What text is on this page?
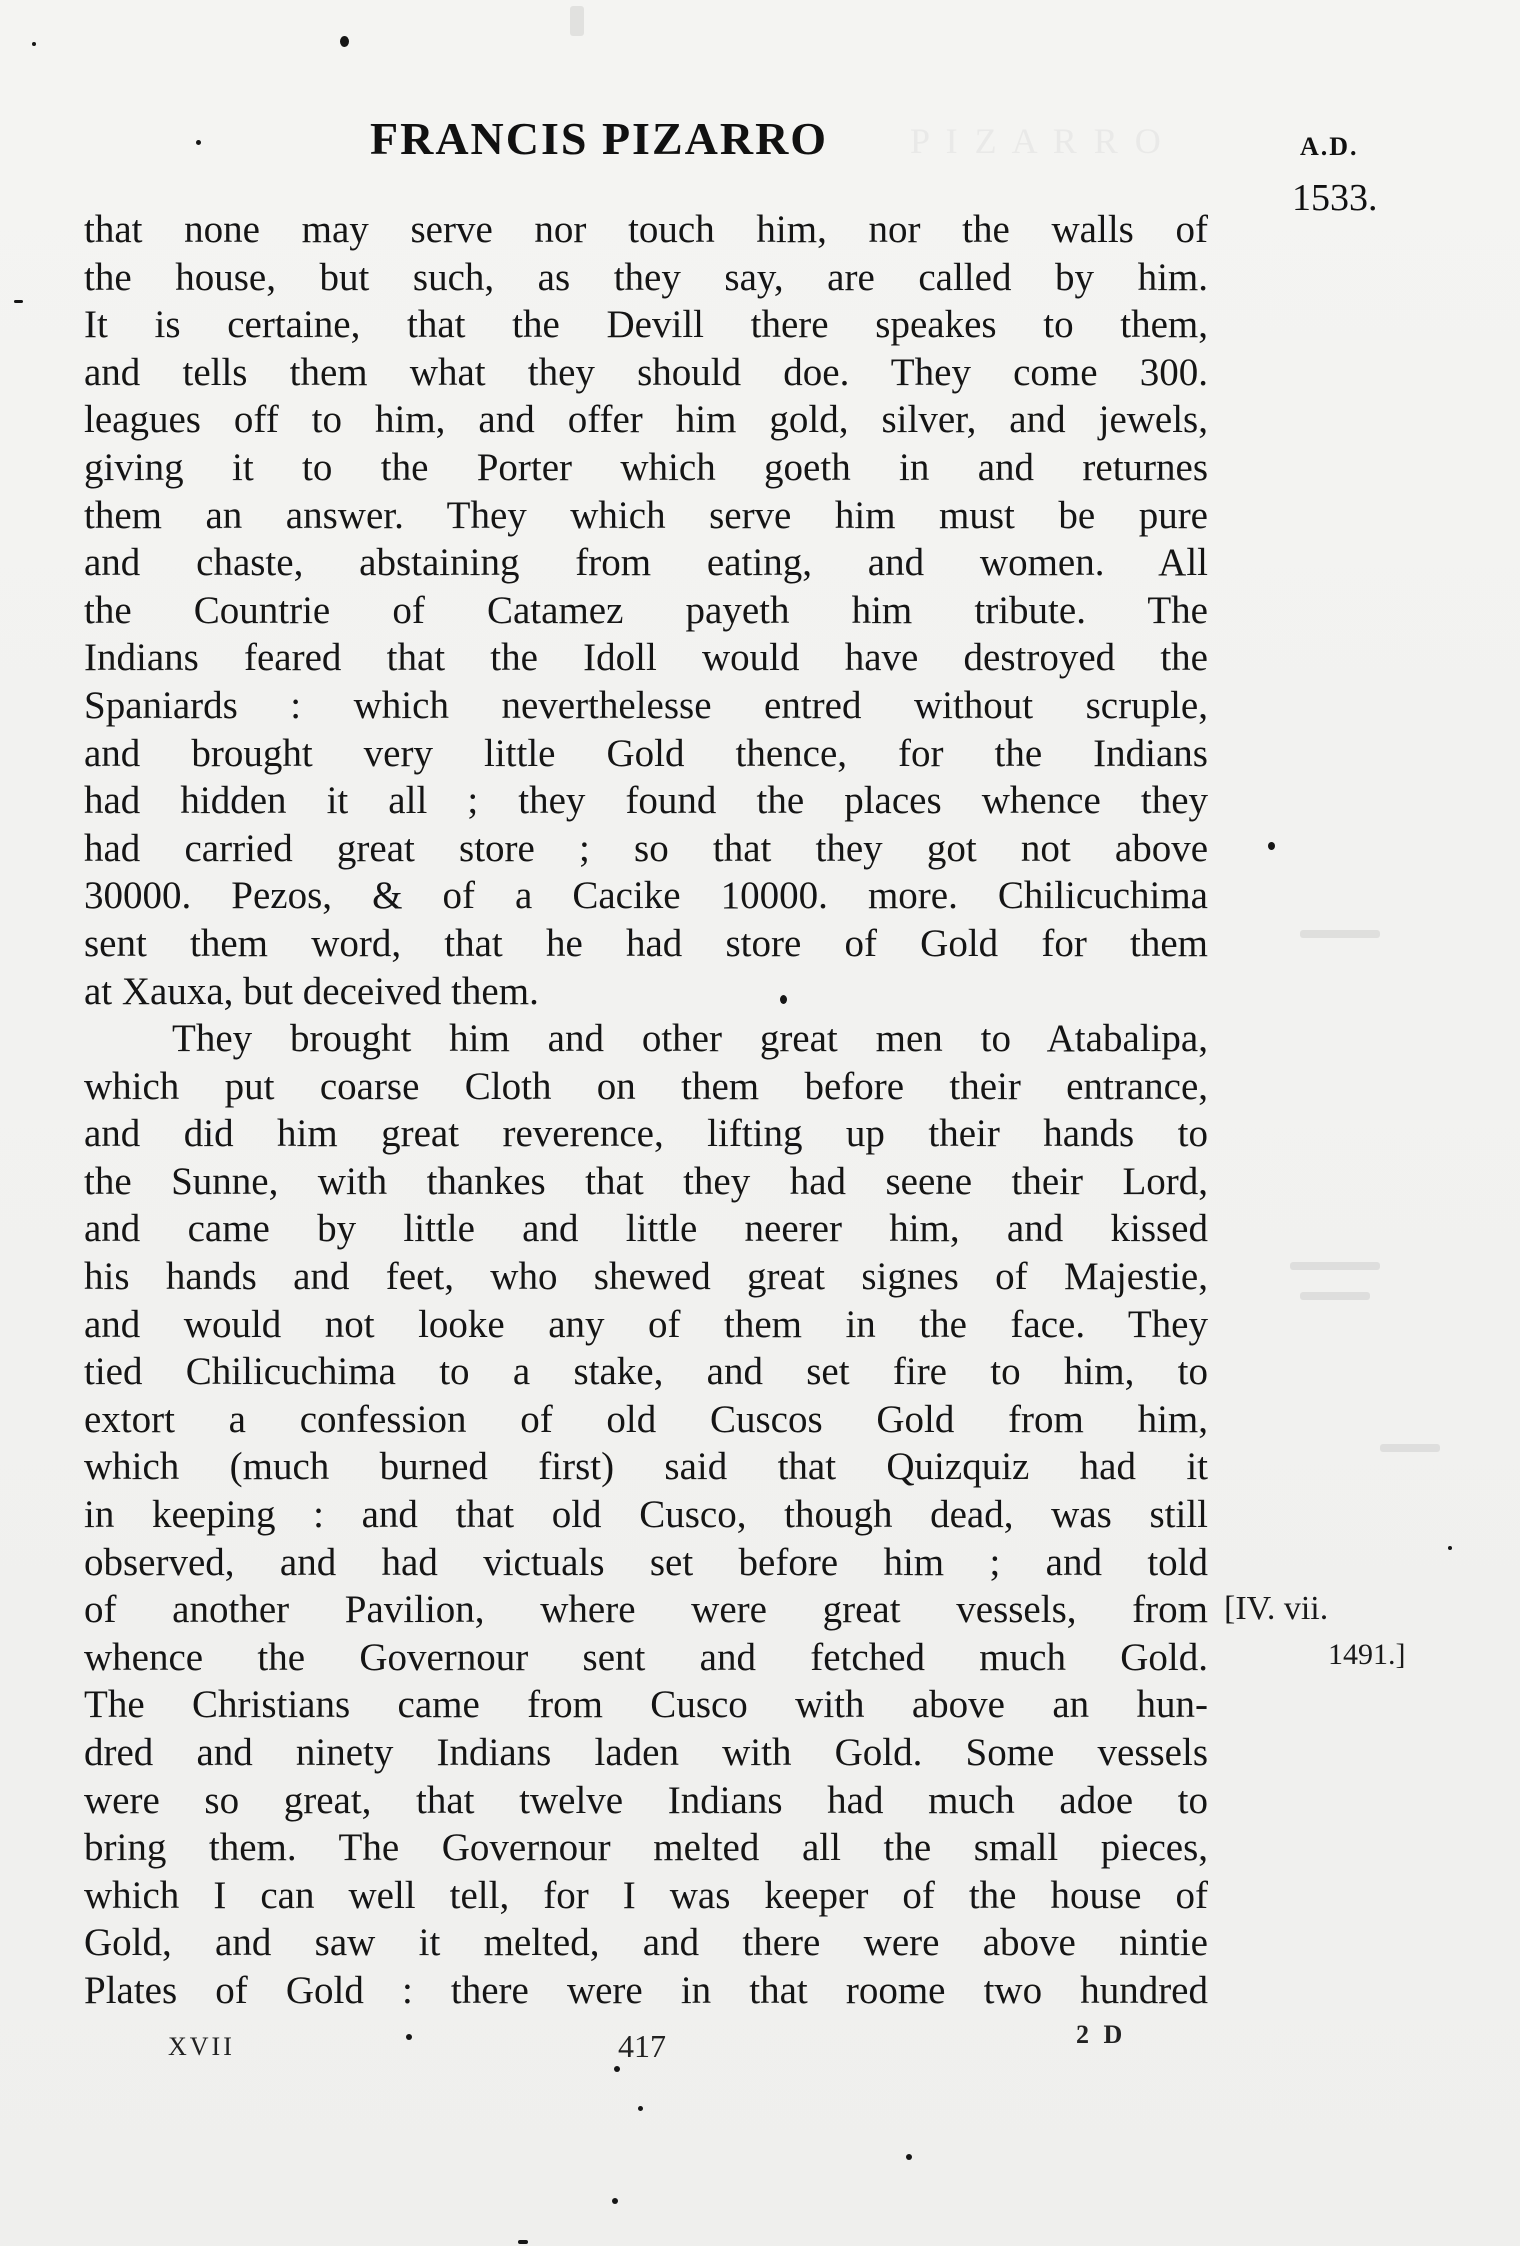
P I Z A R R O
FRANCIS PIZARRO	A.D.
1533.
that none may serve nor touch him, nor the walls of
the house, but such, as they say, are called by him.
It is certaine, that the Devill there speakes to them,
and tells them what they should doe. They come 300.
leagues off to him, and offer him gold, silver, and jewels,
giving it to the Porter which goeth in and returnes
them an answer. They which serve him must be pure
and chaste, abstaining from eating, and women. All
the Countrie of Catamez payeth him tribute. The
Indians feared that the Idoll would have destroyed the
Spaniards : which neverthelesse entred without scruple,
and brought very little Gold thence, for the Indians
had hidden it all ; they found the places whence they
had carried great store ; so that they got not above
30000. Pezos, & of a Cacike 10000. more. Chilicuchima
sent them word, that he had store of Gold for them
at Xauxa, but deceived them.
They brought him and other great men to Atabalipa,
which put coarse Cloth on them before their entrance,
and did him great reverence, lifting up their hands to
the Sunne, with thankes that they had seene their Lord,
and came by little and little neerer him, and kissed
his hands and feet, who shewed great signes of Majestie,
and would not looke any of them in the face. They
tied Chilicuchima to a stake, and set fire to him, to
extort a confession of old Cuscos Gold from him,
which (much burned first) said that Quizquiz had it
in keeping : and that old Cusco, though dead, was still
observed, and had victuals set before him ; and told
of another Pavilion, where were great vessels, from
whence the Governour sent and fetched much Gold.
The Christians came from Cusco with above an hun-
dred and ninety Indians laden with Gold. Some vessels
were so great, that twelve Indians had much adoe to
bring them. The Governour melted all the small pieces,
which I can well tell, for I was keeper of the house of
Gold, and saw it melted, and there were above nintie
Plates of Gold : there were in that roome two hundred
[IV. vii.
1491.]
XVII	417	2 D
